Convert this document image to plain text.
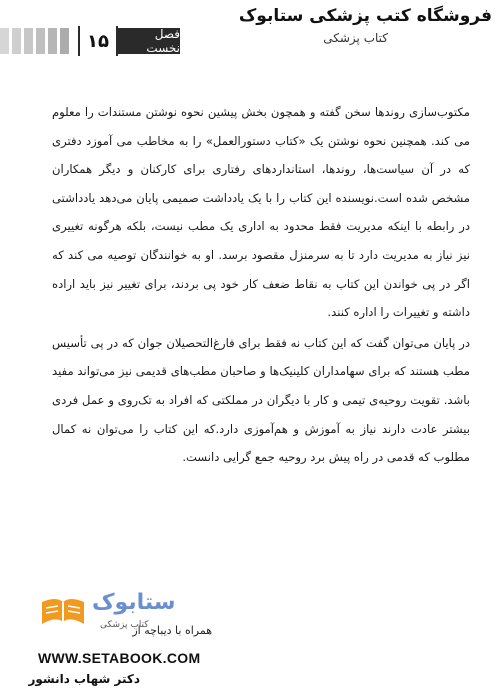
۱۵	فصل نخست
فروشگاه کتب پزشکی ستابوک
کتاب پزشکی

مکتوب‌سازی روندها سخن گفته و همچون بخش پیشین نحوه نوشتن مستندات را معلوم می کند. همچنین نحوه نوشتن یک «کتاب دستورالعمل» را به مخاطب می آموزد دفتری که در آن سیاست‌ها، روندها، استانداردهای رفتاری برای کارکنان و دیگر همکاران مشخص شده است.نویسنده این کتاب را با یک یادداشت صمیمی پایان می‌دهد یادداشتی در رابطه با اینکه مدیریت فقط محدود به اداری یک مطب نیست، بلکه هرگونه تغییری نیز نیاز به مدیریت دارد تا به سرمنزل مقصود برسد. او به خوانندگان توصیه می کند که اگر در پی خواندن این کتاب به نقاط ضعف کار خود پی بردند، برای تغییر نیز باید اراده داشته و تغییرات را اداره کنند.

در پایان می‌توان گفت که این کتاب نه فقط برای فارغ‌التحصیلان جوان که در پی تأسیس مطب هستند که برای سهامداران کلینیک‌ها و صاحبان مطب‌های قدیمی نیز می‌تواند مفید باشد. تقویت روحیه‌ی تیمی و کار با دیگران در مملکتی که افراد به تک‌روی و عمل فردی بیشتر عادت دارند نیاز به آموزش و هم‌آموزی دارد.که این کتاب را می‌توان نه کمال مطلوب که قدمی در راه پیش برد روحیه جمع گرایی دانست.

ستابوک
کتاب پزشکی
همراه با دیباچه از
WWW.SETABOOK.COM
دکتر شهاب دانشور
